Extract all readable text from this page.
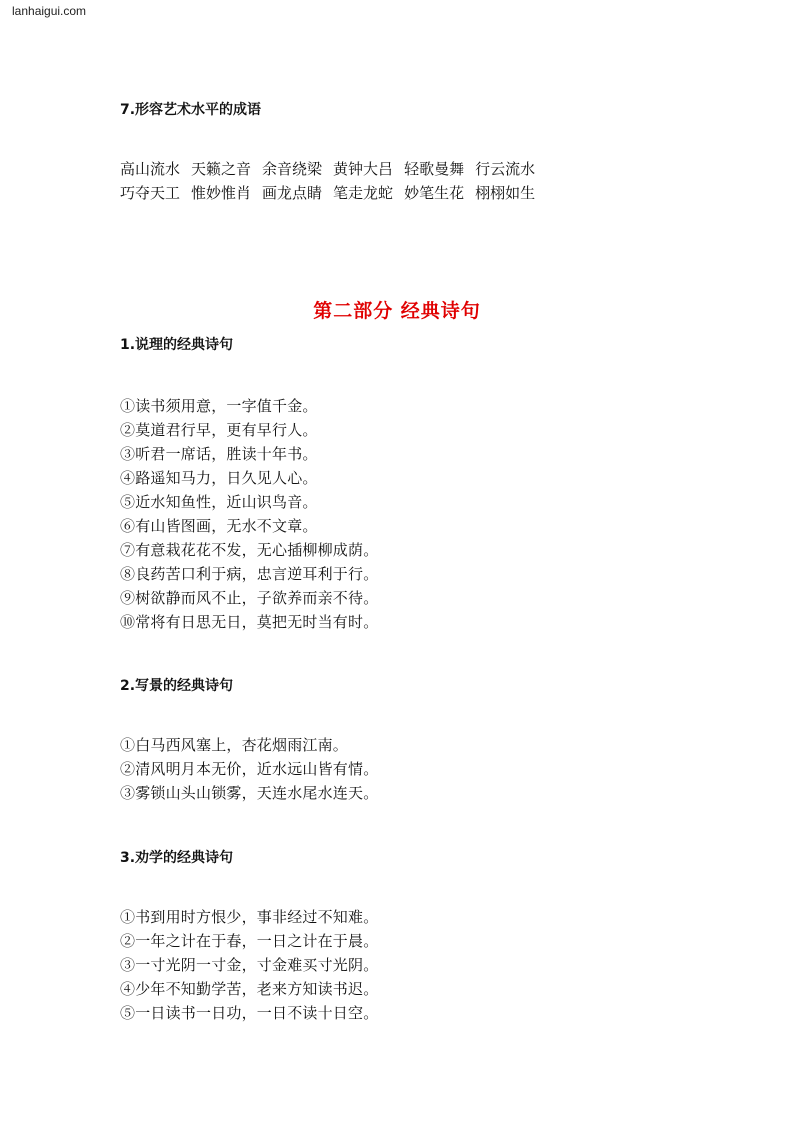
lanhaigui.com
7.形容艺术水平的成语
高山流水 天籁之音 余音绕梁 黄钟大吕 轻歌曼舞 行云流水
巧夺天工 惟妙惟肖 画龙点睛 笔走龙蛇 妙笔生花 栩栩如生
第二部分 经典诗句
1.说理的经典诗句
①读书须用意，一字值千金。
②莫道君行早，更有早行人。
③听君一席话，胜读十年书。
④路遥知马力，日久见人心。
⑤近水知鱼性，近山识鸟音。
⑥有山皆图画，无水不文章。
⑦有意栽花花不发，无心插柳柳成荫。
⑧良药苦口利于病，忠言逆耳利于行。
⑨树欲静而风不止，子欲养而亲不待。
⑩常将有日思无日，莫把无时当有时。
2.写景的经典诗句
①白马西风塞上，杏花烟雨江南。
②清风明月本无价，近水远山皆有情。
③雾锁山头山锁雾，天连水尾水连天。
3.劝学的经典诗句
①书到用时方恨少，事非经过不知难。
②一年之计在于春，一日之计在于晨。
③一寸光阴一寸金，寸金难买寸光阴。
④少年不知勤学苦，老来方知读书迟。
⑤一日读书一日功，一日不读十日空。
